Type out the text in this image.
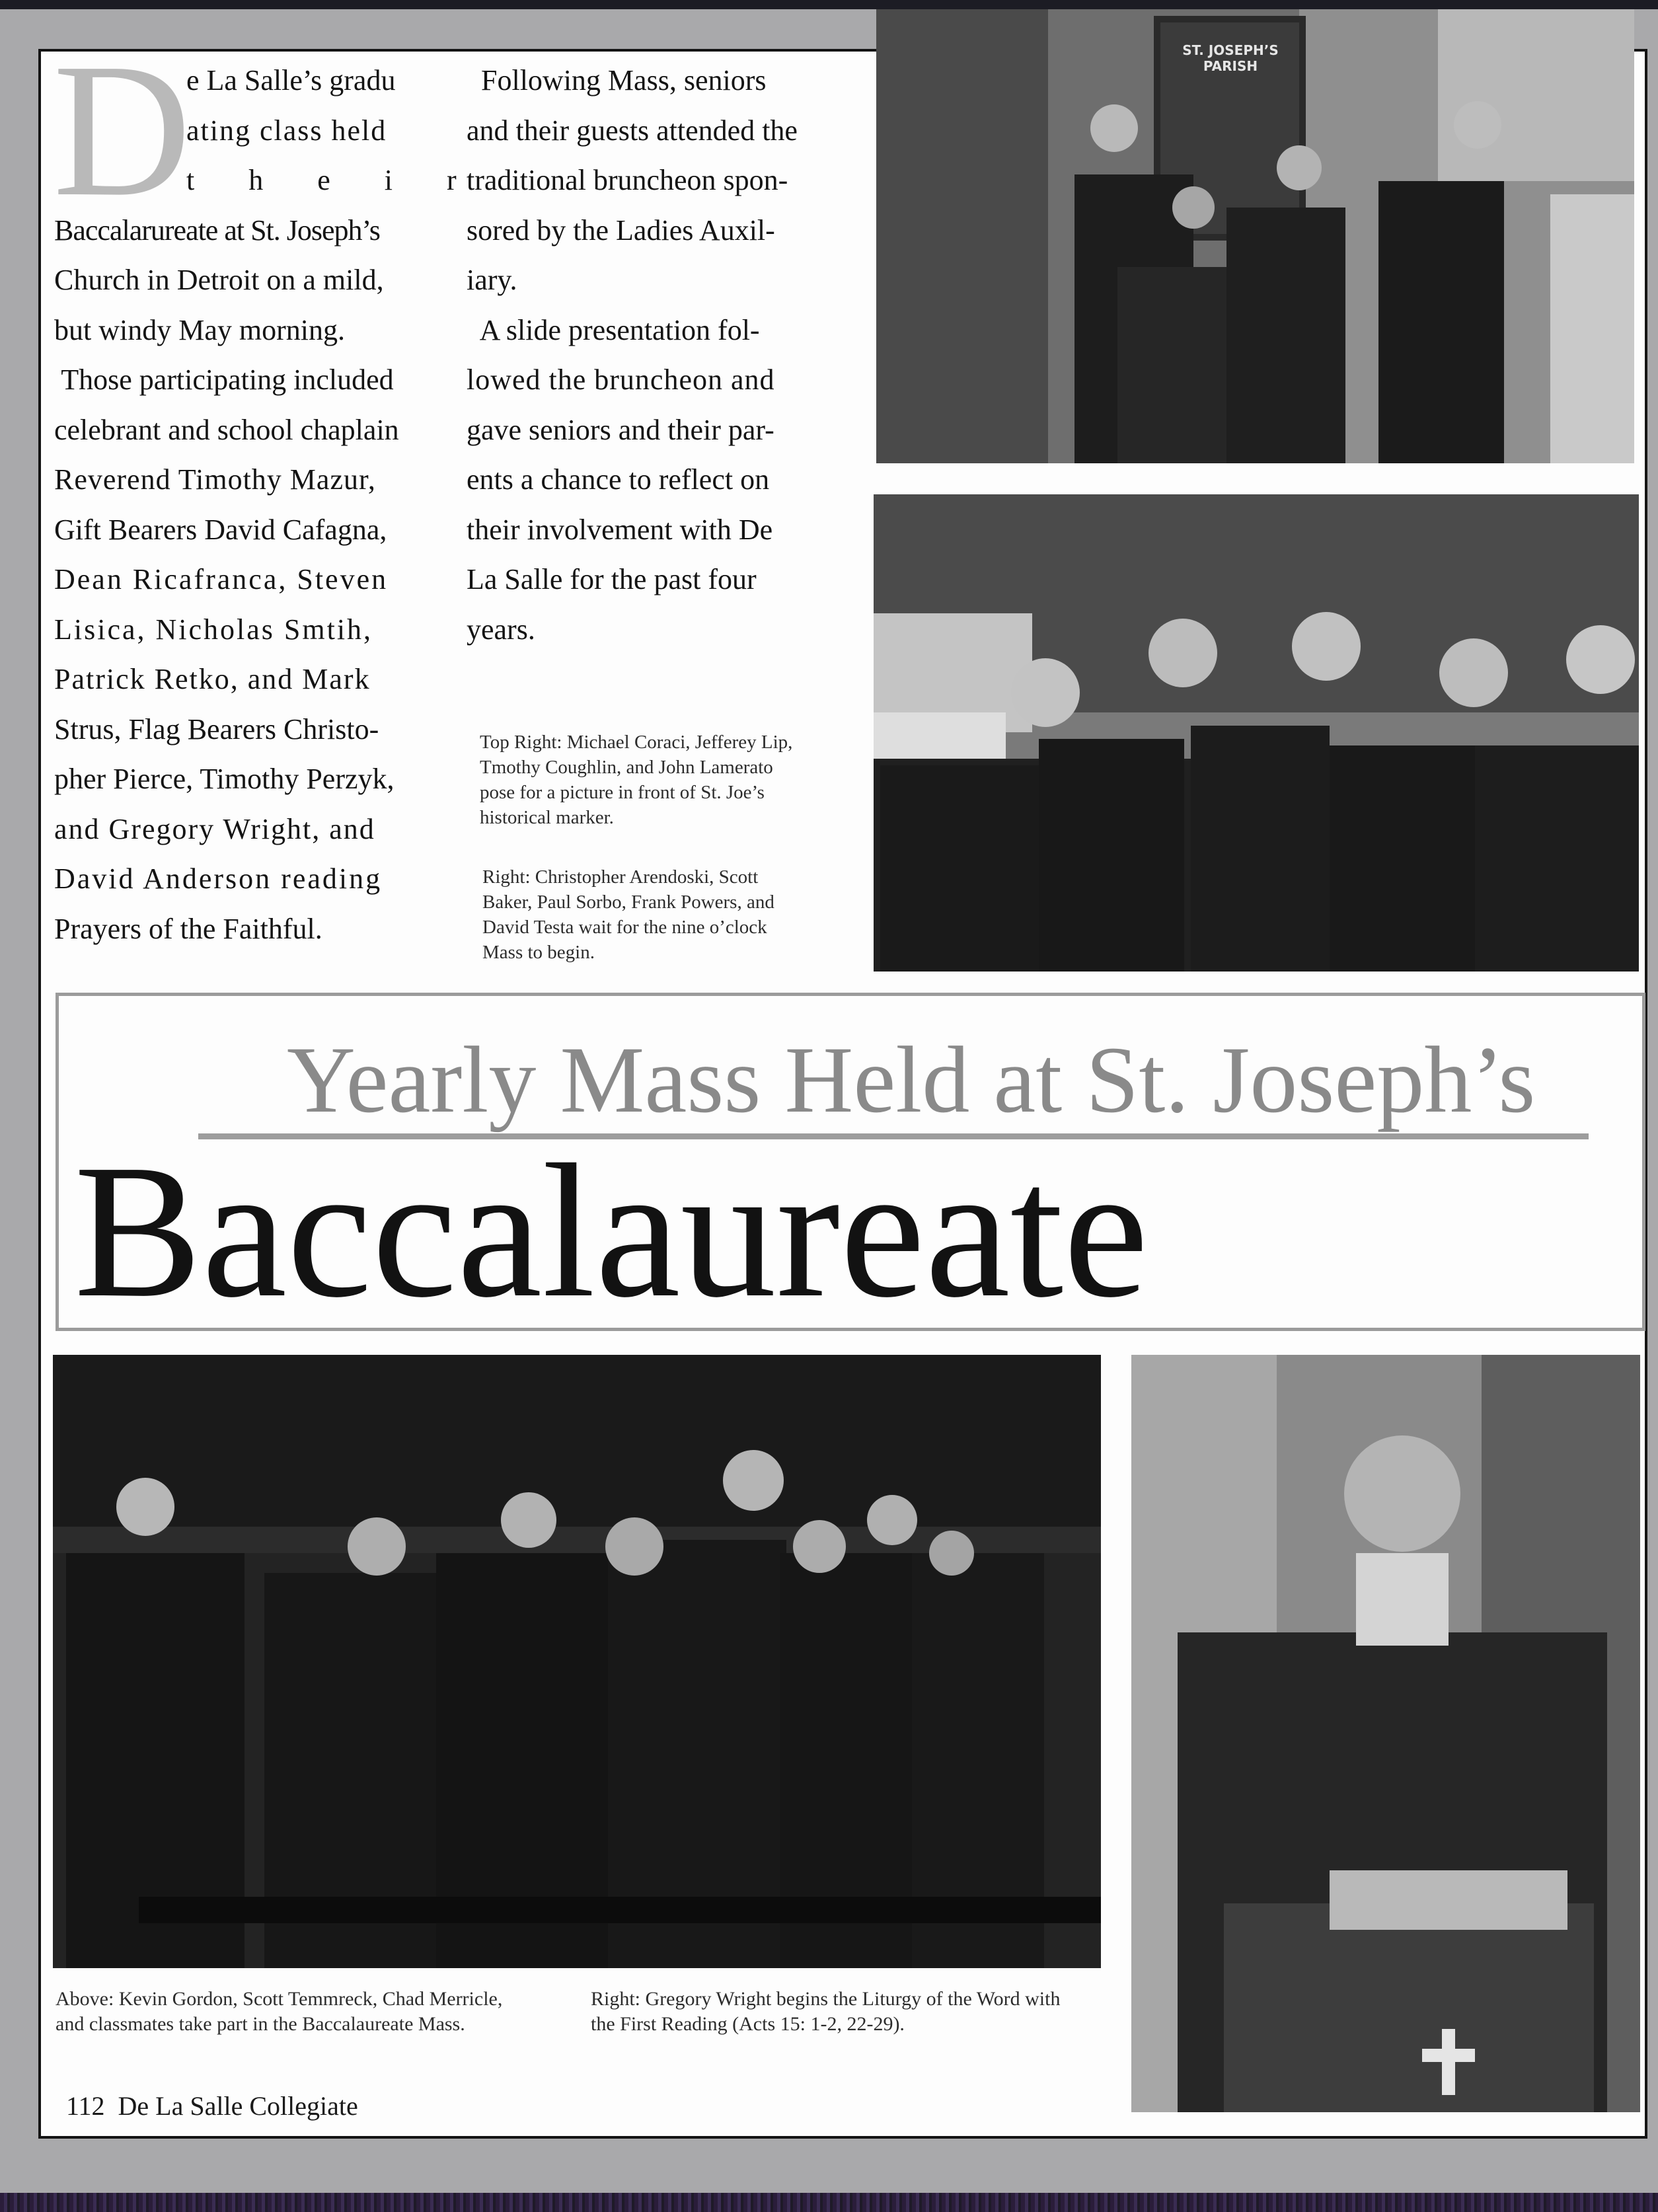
D
e La Salle’s gradu
ating class held
t  h  e  i  r
Baccalarureate at St. Joseph’s
Church in Detroit on a mild,
but windy May morning.
Those participating included
celebrant and school chaplain
Reverend Timothy Mazur,
Gift Bearers David Cafagna,
Dean Ricafranca, Steven
Lisica, Nicholas Smtih,
Patrick Retko, and Mark
Strus, Flag Bearers Christo-
pher Pierce, Timothy Perzyk,
and Gregory Wright, and
David Anderson reading
Prayers of the Faithful.
Following Mass, seniors
and their guests attended the
traditional bruncheon spon-
sored by the Ladies Auxil-
iary.
A slide presentation fol-
lowed the bruncheon and
gave seniors and their par-
ents a chance to reflect on
their involvement with De
La Salle for the past four
years.
Top Right: Michael Coraci, Jefferey Lip,
Tmothy Coughlin, and John Lamerato
pose for a picture in front of St. Joe’s
historical marker.
Right: Christopher Arendoski, Scott
Baker, Paul Sorbo, Frank Powers, and
David Testa wait for the nine o’clock
Mass to begin.
ST. JOSEPH’S
PARISH
Yearly Mass Held at St. Joseph’s
Baccalaureate
Above: Kevin Gordon, Scott Temmreck, Chad Merricle,
and classmates take part in the Baccalaureate Mass.
Right: Gregory Wright begins the Liturgy of the Word with
the First Reading (Acts 15: 1-2, 22-29).
112  De La Salle Collegiate
